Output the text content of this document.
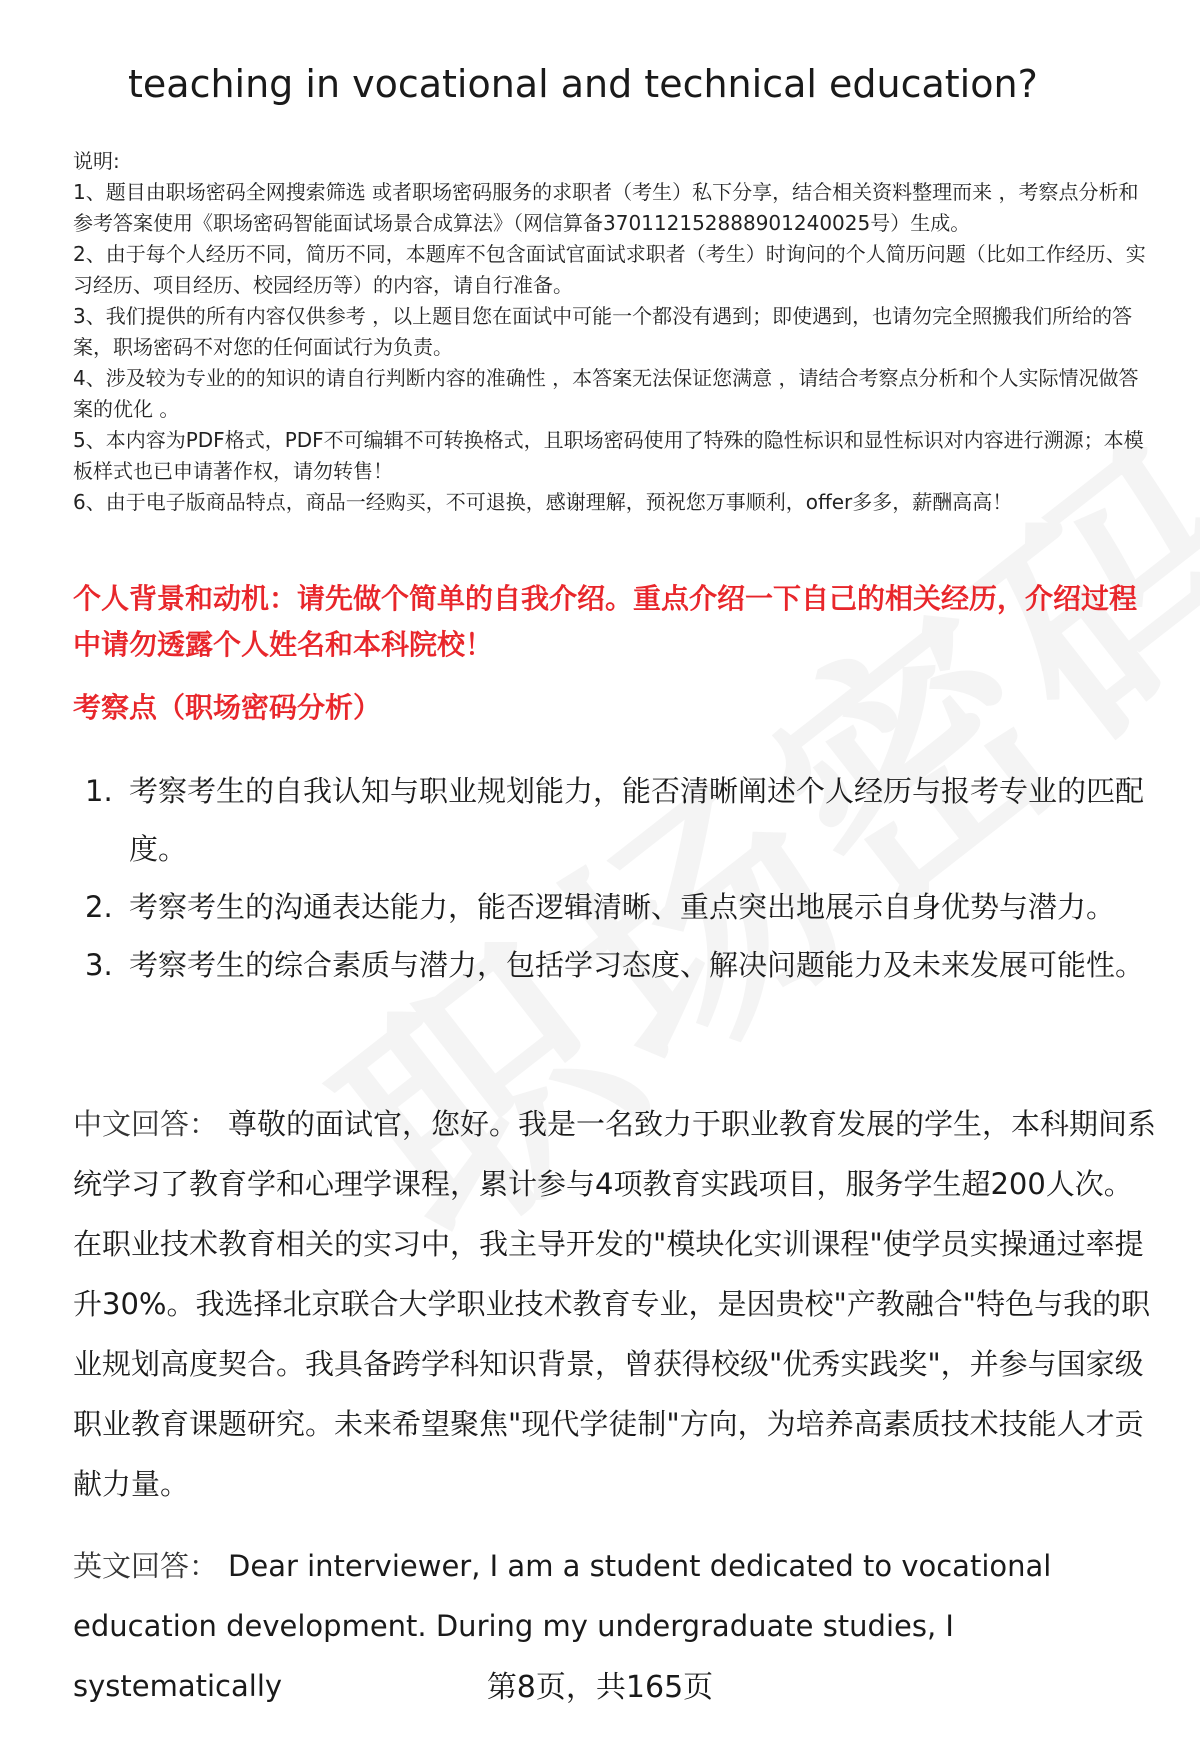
teaching in vocational and technical education?

说明:

1、题目由职场密码全网搜索筛选 或者职场密码服务的求职者（考生）私下分享，结合相关资料整理而来 ，考察点分析和参考答案使用《职场密码智能面试场景合成算法》（网信算备370112152888901240025号）生成。

2、由于每个人经历不同，简历不同，本题库不包含面试官面试求职者（考生）时询问的个人简历问题（比如工作经历、实习经历、项目经历、校园经历等）的内容，请自行准备。

3、我们提供的所有内容仅供参考 ，以上题目您在面试中可能一个都没有遇到；即使遇到，也请勿完全照搬我们所给的答案，职场密码不对您的任何面试行为负责。

4、涉及较为专业的的知识的请自行判断内容的准确性 ，本答案无法保证您满意 ，请结合考察点分析和个人实际情况做答案的优化 。

5、本内容为PDF格式，PDF不可编辑不可转换格式，且职场密码使用了特殊的隐性标识和显性标识对内容进行溯源；本模板样式也已申请著作权，请勿转售！

6、由于电子版商品特点，商品一经购买，不可退换，感谢理解，预祝您万事顺利，offer多多，薪酬高高！

个人背景和动机：请先做个简单的自我介绍。重点介绍一下自己的相关经历，介绍过程中请勿透露个人姓名和本科院校！
考察点（职场密码分析）
1. 考察考生的自我认知与职业规划能力，能否清晰阐述个人经历与报考专业的匹配度。
2. 考察考生的沟通表达能力，能否逻辑清晰、重点突出地展示自身优势与潜力。
3. 考察考生的综合素质与潜力，包括学习态度、解决问题能力及未来发展可能性。

中文回答： 尊敬的面试官，您好。我是一名致力于职业教育发展的学生，本科期间系统学习了教育学和心理学课程，累计参与4项教育实践项目，服务学生超200人次。在职业技术教育相关的实习中，我主导开发的"模块化实训课程"使学员实操通过率提升30%。我选择北京联合大学职业技术教育专业，是因贵校"产教融合"特色与我的职业规划高度契合。我具备跨学科知识背景，曾获得校级"优秀实践奖"，并参与国家级职业教育课题研究。未来希望聚焦"现代学徒制"方向，为培养高素质技术技能人才贡献力量。

英文回答： Dear interviewer, I am a student dedicated to vocational education development. During my undergraduate studies, I systematically	第8页，共165页
